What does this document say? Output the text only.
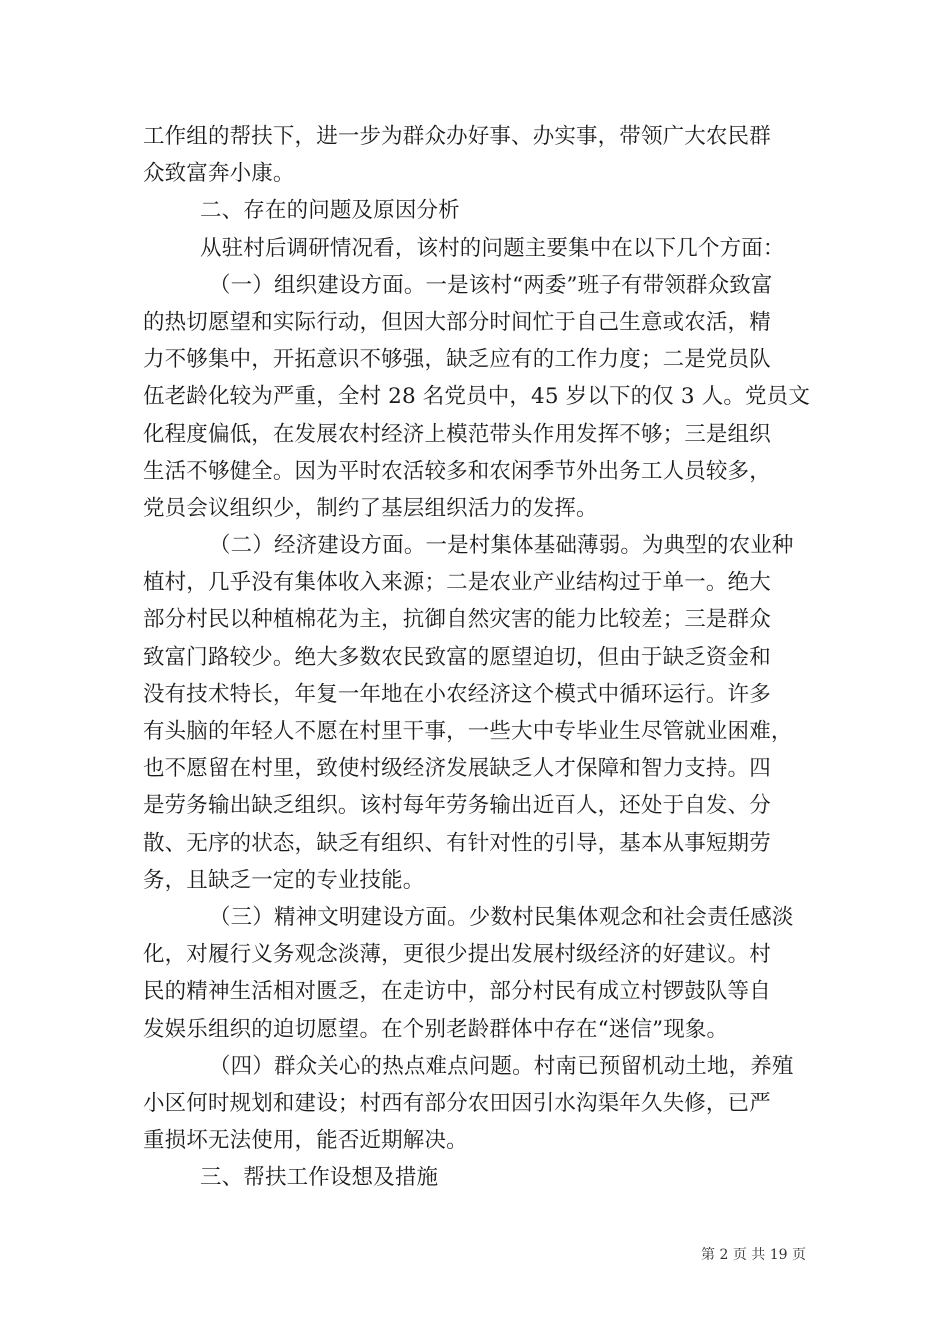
工作组的帮扶下，进一步为群众办好事、办实事，带领广大农民群
众致富奔小康。
二、存在的问题及原因分析
从驻村后调研情况看，该村的问题主要集中在以下几个方面：
（一）组织建设方面。一是该村“两委”班子有带领群众致富
的热切愿望和实际行动，但因大部分时间忙于自己生意或农活，精
力不够集中，开拓意识不够强，缺乏应有的工作力度；二是党员队
伍老龄化较为严重，全村 28 名党员中，45 岁以下的仅 3 人。党员文
化程度偏低，在发展农村经济上模范带头作用发挥不够；三是组织
生活不够健全。因为平时农活较多和农闲季节外出务工人员较多，
党员会议组织少，制约了基层组织活力的发挥。
（二）经济建设方面。一是村集体基础薄弱。为典型的农业种
植村，几乎没有集体收入来源；二是农业产业结构过于单一。绝大
部分村民以种植棉花为主，抗御自然灾害的能力比较差；三是群众
致富门路较少。绝大多数农民致富的愿望迫切，但由于缺乏资金和
没有技术特长，年复一年地在小农经济这个模式中循环运行。许多
有头脑的年轻人不愿在村里干事，一些大中专毕业生尽管就业困难，
也不愿留在村里，致使村级经济发展缺乏人才保障和智力支持。四
是劳务输出缺乏组织。该村每年劳务输出近百人，还处于自发、分
散、无序的状态，缺乏有组织、有针对性的引导，基本从事短期劳
务，且缺乏一定的专业技能。
（三）精神文明建设方面。少数村民集体观念和社会责任感淡
化，对履行义务观念淡薄，更很少提出发展村级经济的好建议。村
民的精神生活相对匮乏，在走访中，部分村民有成立村锣鼓队等自
发娱乐组织的迫切愿望。在个别老龄群体中存在“迷信”现象。
（四）群众关心的热点难点问题。村南已预留机动土地，养殖
小区何时规划和建设；村西有部分农田因引水沟渠年久失修，已严
重损坏无法使用，能否近期解决。
三、帮扶工作设想及措施
第 2 页 共 19 页
